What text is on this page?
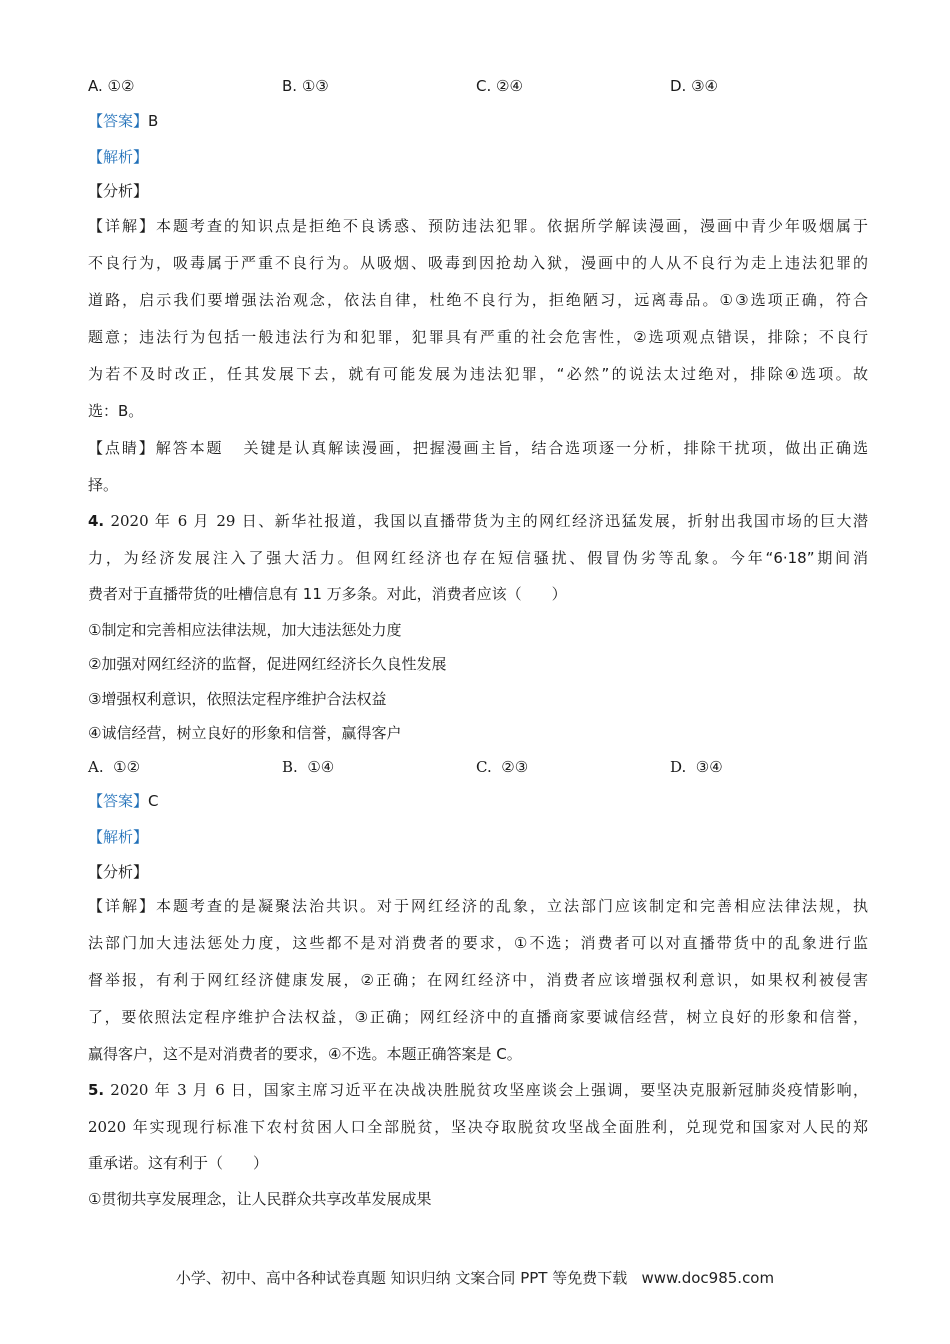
A. ①②	B. ①③	C. ②④	D. ③④
【答案】B
【解析】
【分析】
【详解】本题考查的知识点是拒绝不良诱惑、预防违法犯罪。依据所学解读漫画，漫画中青少年吸烟属于
不良行为，吸毒属于严重不良行为。从吸烟、吸毒到因抢劫入狱，漫画中的人从不良行为走上违法犯罪的
道路，启示我们要增强法治观念，依法自律，杜绝不良行为，拒绝陋习，远离毒品。①③选项正确，符合
题意；违法行为包括一般违法行为和犯罪，犯罪具有严重的社会危害性，②选项观点错误，排除；不良行
为若不及时改正，任其发展下去，就有可能发展为违法犯罪，“必然”的说法太过绝对，排除④选项。故
选：B。
【点睛】解答本题   关键是认真解读漫画，把握漫画主旨，结合选项逐一分析，排除干扰项，做出正确选
择。
4. 2020 年 6 月 29 日、新华社报道，我国以直播带货为主的网红经济迅猛发展，折射出我国市场的巨大潜
力，为经济发展注入了强大活力。但网红经济也存在短信骚扰、假冒伪劣等乱象。今年“6·18”期间消
费者对于直播带货的吐槽信息有 11 万多条。对此，消费者应该（　　）
①制定和完善相应法律法规，加大违法惩处力度
②加强对网红经济的监督，促进网红经济长久良性发展
③增强权利意识，依照法定程序维护合法权益
④诚信经营，树立良好的形象和信誉，赢得客户
A.  ①②	B.  ①④	C.  ②③	D.  ③④
【答案】C
【解析】
【分析】
【详解】本题考查的是凝聚法治共识。对于网红经济的乱象，立法部门应该制定和完善相应法律法规，执
法部门加大违法惩处力度，这些都不是对消费者的要求，①不选；消费者可以对直播带货中的乱象进行监
督举报，有利于网红经济健康发展，②正确；在网红经济中，消费者应该增强权利意识，如果权利被侵害
了，要依照法定程序维护合法权益，③正确；网红经济中的直播商家要诚信经营，树立良好的形象和信誉，
赢得客户，这不是对消费者的要求，④不选。本题正确答案是 C。
5. 2020 年 3 月 6 日，国家主席习近平在决战决胜脱贫攻坚座谈会上强调，要坚决克服新冠肺炎疫情影响，
2020 年实现现行标准下农村贫困人口全部脱贫，坚决夺取脱贫攻坚战全面胜利，兑现党和国家对人民的郑
重承诺。这有利于（　　）
①贯彻共享发展理念，让人民群众共享改革发展成果
小学、初中、高中各种试卷真题 知识归纳 文案合同 PPT 等免费下载   www.doc985.com
